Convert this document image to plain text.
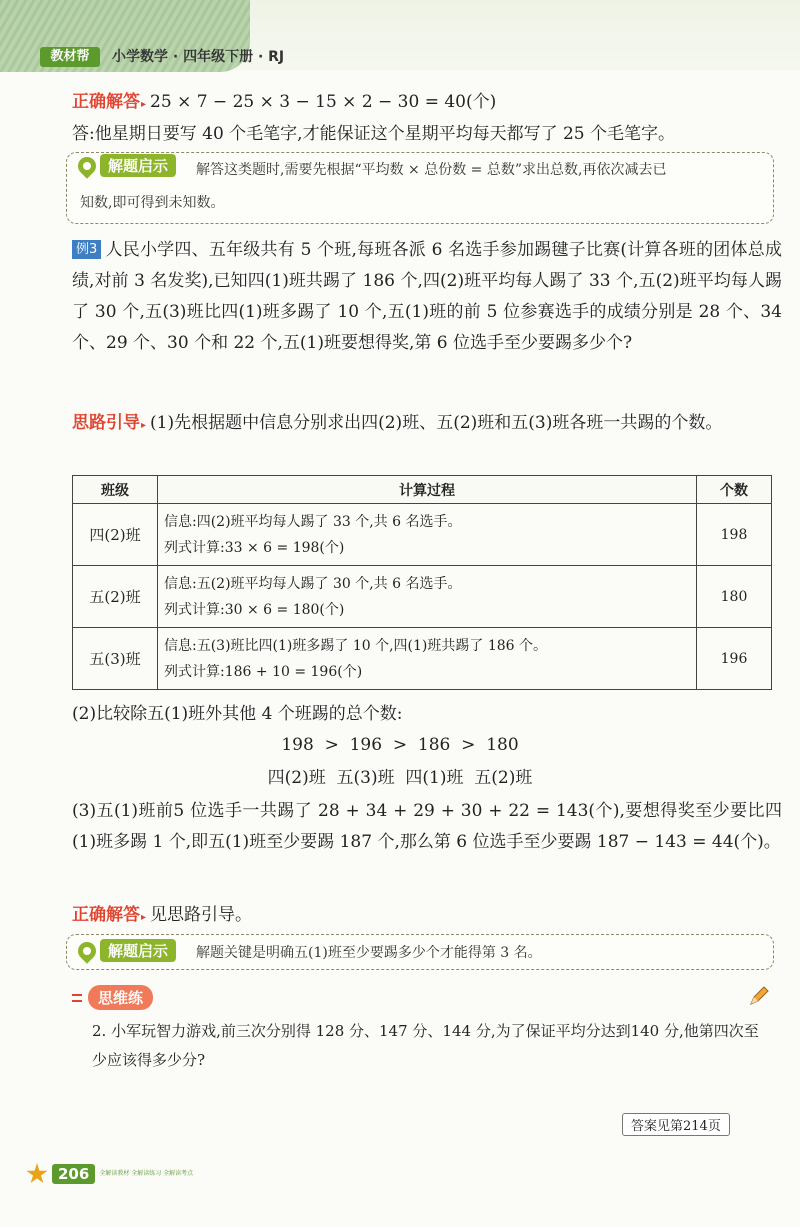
教材帮	小学数学 · 四年级下册 · RJ
正确解答▸ 25 × 7 − 25 × 3 − 15 × 2 − 30 = 40(个)
答:他星期日要写 40 个毛笔字,才能保证这个星期平均每天都写了 25 个毛笔字。
解题启示	解答这类题时,需要先根据“平均数 × 总份数 = 总数”求出总数,再依次减去已
知数,即可得到未知数。
例3 人民小学四、五年级共有 5 个班,每班各派 6 名选手参加踢毽子比赛(计算各班的团体总成绩,对前 3 名发奖),已知四(1)班共踢了 186 个,四(2)班平均每人踢了 33 个,五(2)班平均每人踢了 30 个,五(3)班比四(1)班多踢了 10 个,五(1)班的前 5 位参赛选手的成绩分别是 28 个、34 个、29 个、30 个和 22 个,五(1)班要想得奖,第 6 位选手至少要踢多少个?
思路引导▸ (1)先根据题中信息分别求出四(2)班、五(2)班和五(3)班各班一共踢的个数。
班级	计算过程	个数
四(2)班	信息:四(2)班平均每人踢了 33 个,共 6 名选手。
列式计算:33 × 6 = 198(个)	198
五(2)班	信息:五(2)班平均每人踢了 30 个,共 6 名选手。
列式计算:30 × 6 = 180(个)	180
五(3)班	信息:五(3)班比四(1)班多踢了 10 个,四(1)班共踢了 186 个。
列式计算:186 + 10 = 196(个)	196
(2)比较除五(1)班外其他 4 个班踢的总个数:
198  >  196  >  186  >  180
四(2)班  五(3)班  四(1)班  五(2)班
(3)五(1)班前5 位选手一共踢了 28 + 34 + 29 + 30 + 22 = 143(个),要想得奖至少要比四(1)班多踢 1 个,即五(1)班至少要踢 187 个,那么第 6 位选手至少要踢 187 − 143 = 44(个)。
正确解答▸ 见思路引导。
解题启示	解题关键是明确五(1)班至少要踢多少个才能得第 3 名。
思维练
2. 小军玩智力游戏,前三次分别得 128 分、147 分、144 分,为了保证平均分达到140 分,他第四次至少应该得多少分?
答案见第214页
206	全解读教材 全解读练习 全解读考点
